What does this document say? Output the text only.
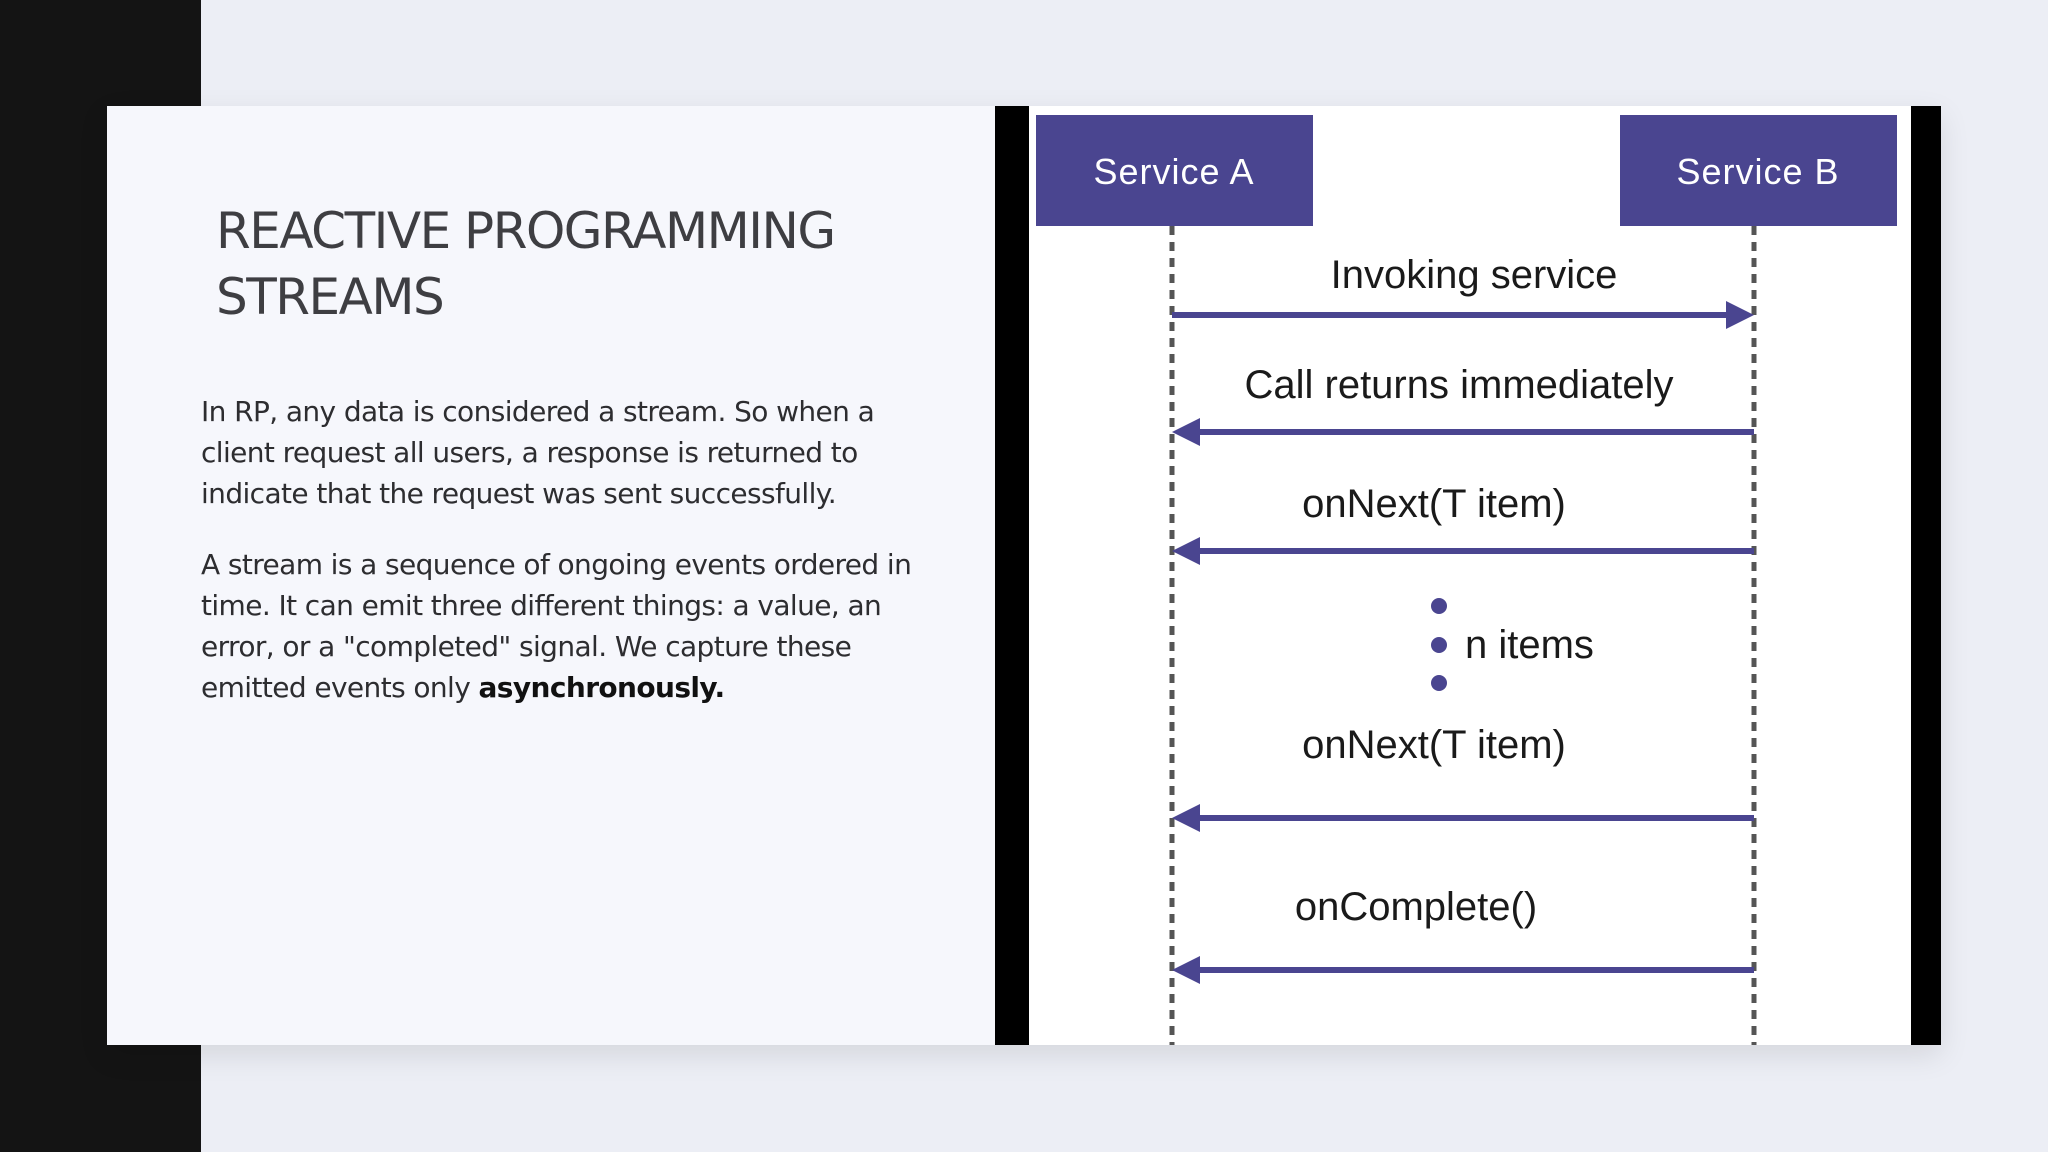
REACTIVE PROGRAMMING
STREAMS

In RP, any data is considered a stream. So when a client request all users, a response is returned to indicate that the request was sent successfully.

A stream is a sequence of ongoing events ordered in time. It can emit three different things: a value, an error, or a "completed" signal. We capture these emitted events only asynchronously.

Service A	Service B
Invoking service
Call returns immediately
onNext(T item)
n items
onNext(T item)
onComplete()
